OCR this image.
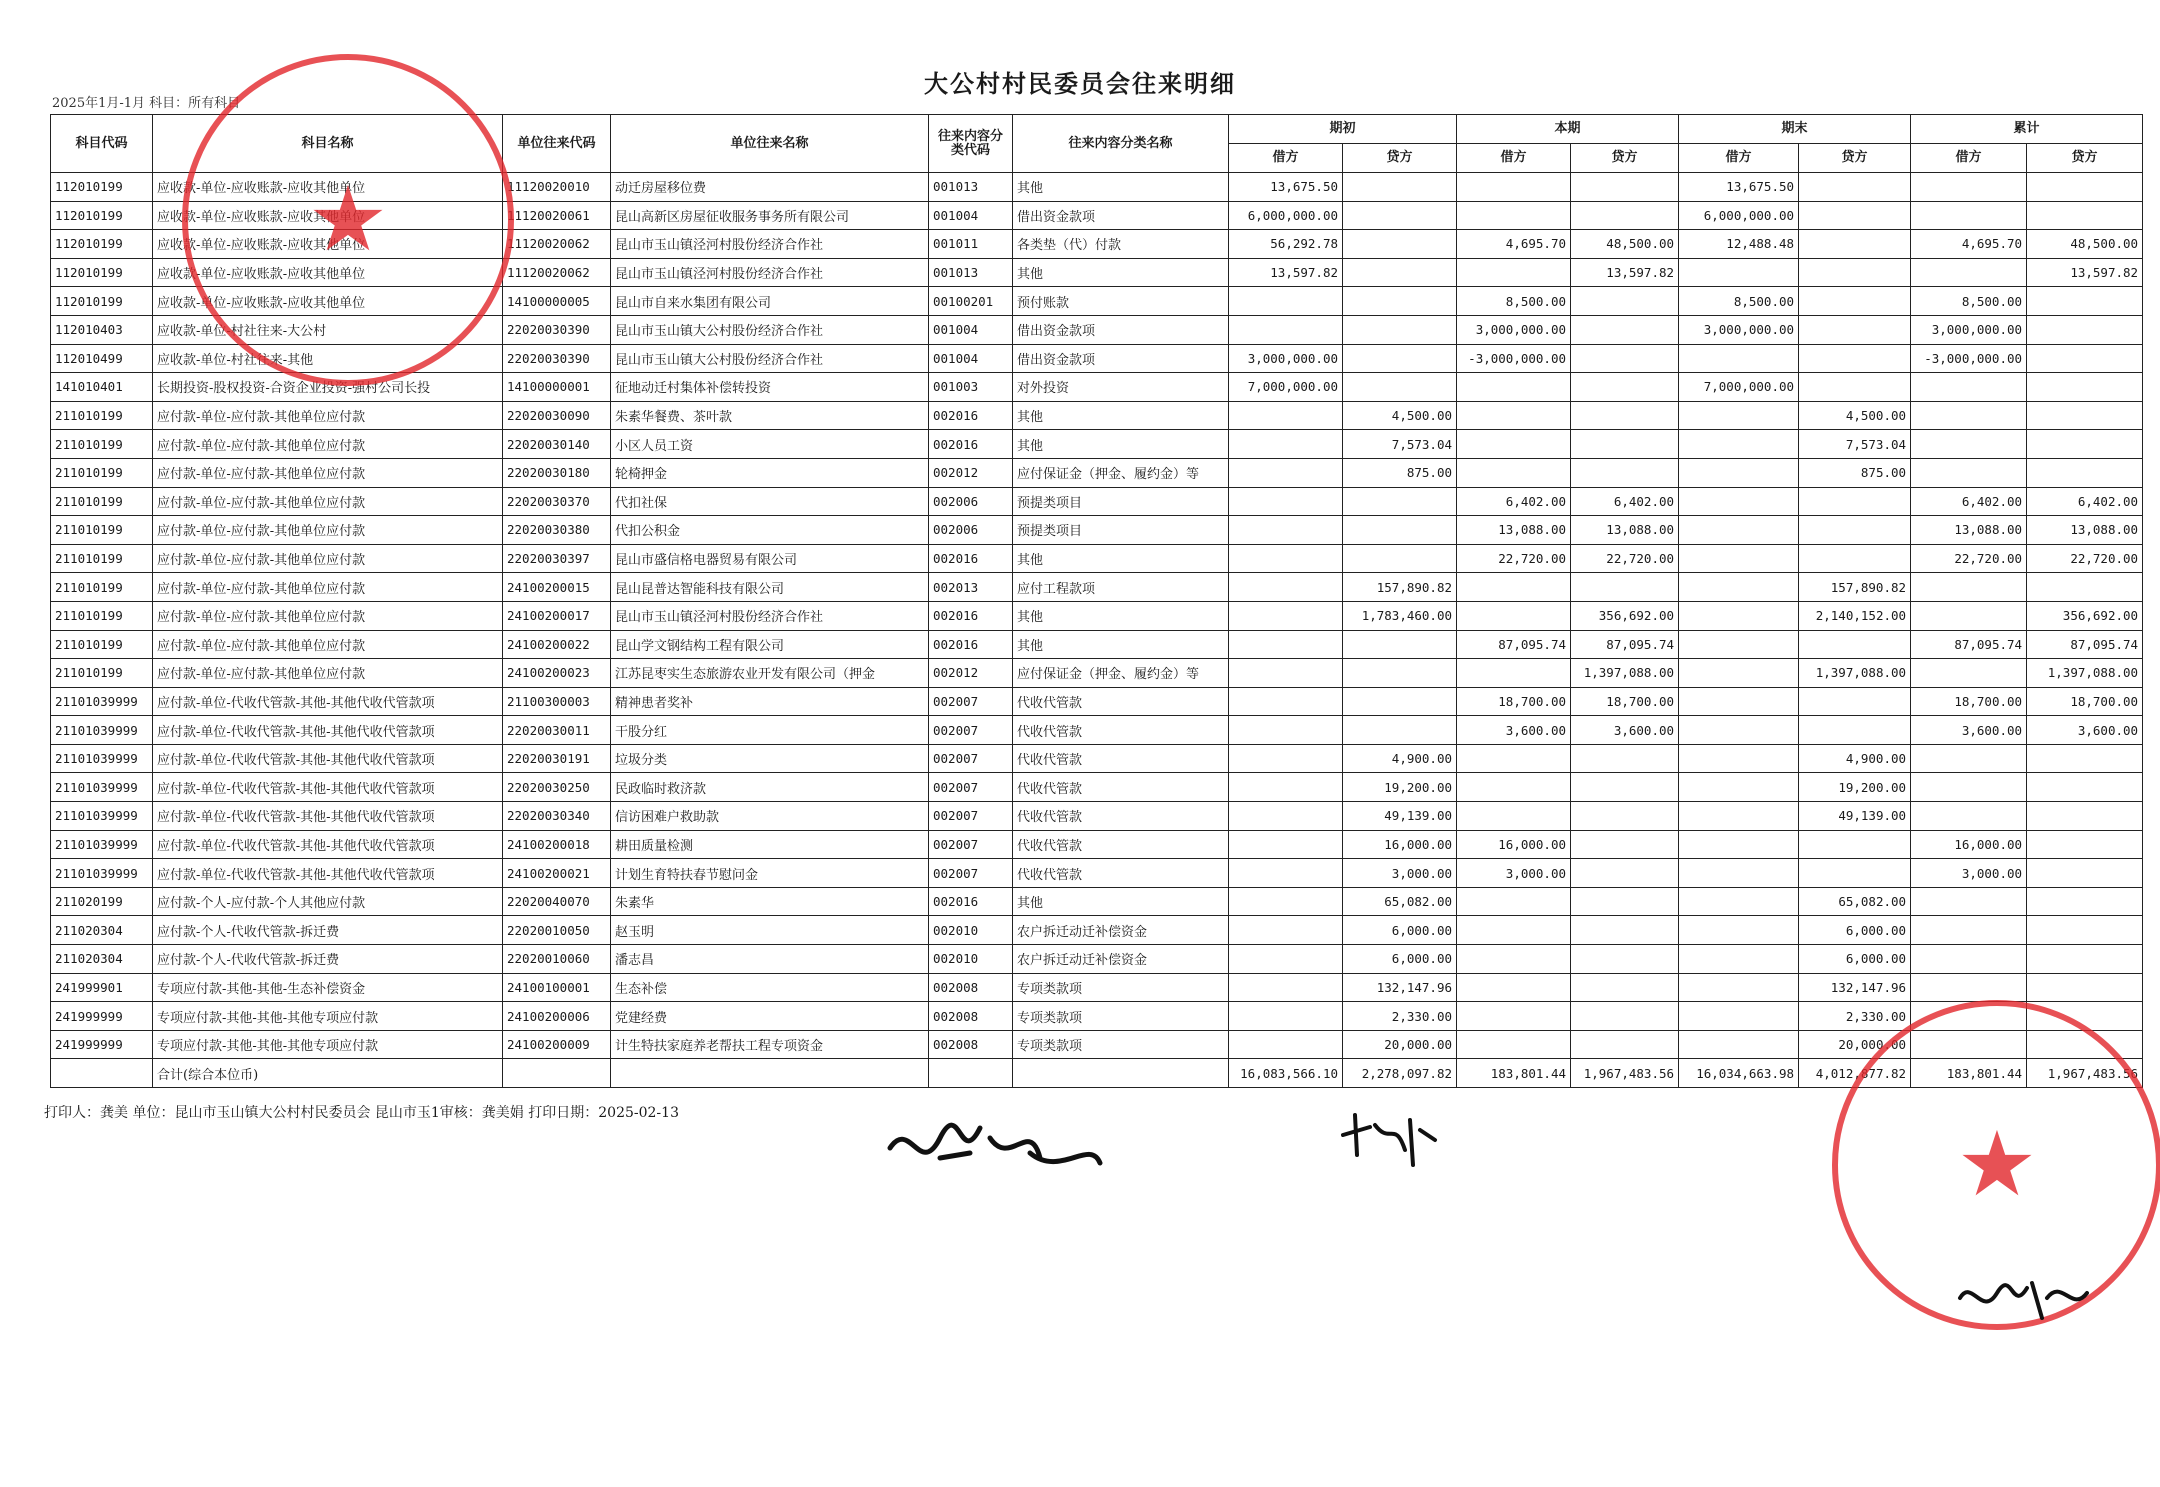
大公村村民委员会往来明细
2025年1月-1月 科目：所有科目
科目代码	科目名称	单位往来代码	单位往来名称	往来内容分类代码	往来内容分类名称	期初		本期		期末		累计	
						借方	贷方	借方	贷方	借方	贷方	借方	贷方
112010199	应收款-单位-应收账款-应收其他单位	11120020010	动迁房屋移位费	001013	其他	13,675.50				13,675.50			
112010199	应收款-单位-应收账款-应收其他单位	11120020061	昆山高新区房屋征收服务事务所有限公司	001004	借出资金款项	6,000,000.00				6,000,000.00			
112010199	应收款-单位-应收账款-应收其他单位	11120020062	昆山市玉山镇泾河村股份经济合作社	001011	各类垫（代）付款	56,292.78		4,695.70	48,500.00	12,488.48		4,695.70	48,500.00
112010199	应收款-单位-应收账款-应收其他单位	11120020062	昆山市玉山镇泾河村股份经济合作社	001013	其他	13,597.82			13,597.82				13,597.82
112010199	应收款-单位-应收账款-应收其他单位	14100000005	昆山市自来水集团有限公司	00100201	预付账款			8,500.00		8,500.00		8,500.00	
112010403	应收款-单位-村社往来-大公村	22020030390	昆山市玉山镇大公村股份经济合作社	001004	借出资金款项			3,000,000.00		3,000,000.00		3,000,000.00	
112010499	应收款-单位-村社往来-其他	22020030390	昆山市玉山镇大公村股份经济合作社	001004	借出资金款项	3,000,000.00		-3,000,000.00				-3,000,000.00	
141010401	长期投资-股权投资-合资企业投资-强村公司长投	14100000001	征地动迁村集体补偿转投资	001003	对外投资	7,000,000.00				7,000,000.00			
211010199	应付款-单位-应付款-其他单位应付款	22020030090	朱素华餐费、茶叶款	002016	其他		4,500.00				4,500.00		
211010199	应付款-单位-应付款-其他单位应付款	22020030140	小区人员工资	002016	其他		7,573.04				7,573.04		
211010199	应付款-单位-应付款-其他单位应付款	22020030180	轮椅押金	002012	应付保证金（押金、履约金）等		875.00				875.00		
211010199	应付款-单位-应付款-其他单位应付款	22020030370	代扣社保	002006	预提类项目			6,402.00	6,402.00			6,402.00	6,402.00
211010199	应付款-单位-应付款-其他单位应付款	22020030380	代扣公积金	002006	预提类项目			13,088.00	13,088.00			13,088.00	13,088.00
211010199	应付款-单位-应付款-其他单位应付款	22020030397	昆山市盛信格电器贸易有限公司	002016	其他			22,720.00	22,720.00			22,720.00	22,720.00
211010199	应付款-单位-应付款-其他单位应付款	24100200015	昆山昆普达智能科技有限公司	002013	应付工程款项		157,890.82				157,890.82		
211010199	应付款-单位-应付款-其他单位应付款	24100200017	昆山市玉山镇泾河村股份经济合作社	002016	其他		1,783,460.00		356,692.00		2,140,152.00		356,692.00
211010199	应付款-单位-应付款-其他单位应付款	24100200022	昆山学文钢结构工程有限公司	002016	其他			87,095.74	87,095.74			87,095.74	87,095.74
211010199	应付款-单位-应付款-其他单位应付款	24100200023	江苏昆枣实生态旅游农业开发有限公司（押金	002012	应付保证金（押金、履约金）等				1,397,088.00		1,397,088.00		1,397,088.00
21101039999	应付款-单位-代收代管款-其他-其他代收代管款项	21100300003	精神患者奖补	002007	代收代管款			18,700.00	18,700.00			18,700.00	18,700.00
21101039999	应付款-单位-代收代管款-其他-其他代收代管款项	22020030011	干股分红	002007	代收代管款			3,600.00	3,600.00			3,600.00	3,600.00
21101039999	应付款-单位-代收代管款-其他-其他代收代管款项	22020030191	垃圾分类	002007	代收代管款		4,900.00				4,900.00		
21101039999	应付款-单位-代收代管款-其他-其他代收代管款项	22020030250	民政临时救济款	002007	代收代管款		19,200.00				19,200.00		
21101039999	应付款-单位-代收代管款-其他-其他代收代管款项	22020030340	信访困难户救助款	002007	代收代管款		49,139.00				49,139.00		
21101039999	应付款-单位-代收代管款-其他-其他代收代管款项	24100200018	耕田质量检测	002007	代收代管款		16,000.00	16,000.00				16,000.00	
21101039999	应付款-单位-代收代管款-其他-其他代收代管款项	24100200021	计划生育特扶春节慰问金	002007	代收代管款		3,000.00	3,000.00				3,000.00	
211020199	应付款-个人-应付款-个人其他应付款	22020040070	朱素华	002016	其他		65,082.00				65,082.00		
211020304	应付款-个人-代收代管款-拆迁费	22020010050	赵玉明	002010	农户拆迁动迁补偿资金		6,000.00				6,000.00		
211020304	应付款-个人-代收代管款-拆迁费	22020010060	潘志昌	002010	农户拆迁动迁补偿资金		6,000.00				6,000.00		
241999901	专项应付款-其他-其他-生态补偿资金	24100100001	生态补偿	002008	专项类款项		132,147.96				132,147.96		
241999999	专项应付款-其他-其他-其他专项应付款	24100200006	党建经费	002008	专项类款项		2,330.00				2,330.00		
241999999	专项应付款-其他-其他-其他专项应付款	24100200009	计生特扶家庭养老帮扶工程专项资金	002008	专项类款项		20,000.00				20,000.00		
	合计(综合本位币)					16,083,566.10	2,278,097.82	183,801.44	1,967,483.56	16,034,663.98	4,012,877.82	183,801.44	1,967,483.56
打印人：龚美 单位：昆山市玉山镇大公村村民委员会 昆山市玉1审核：龚美娟 打印日期：2025-02-13
★
★
